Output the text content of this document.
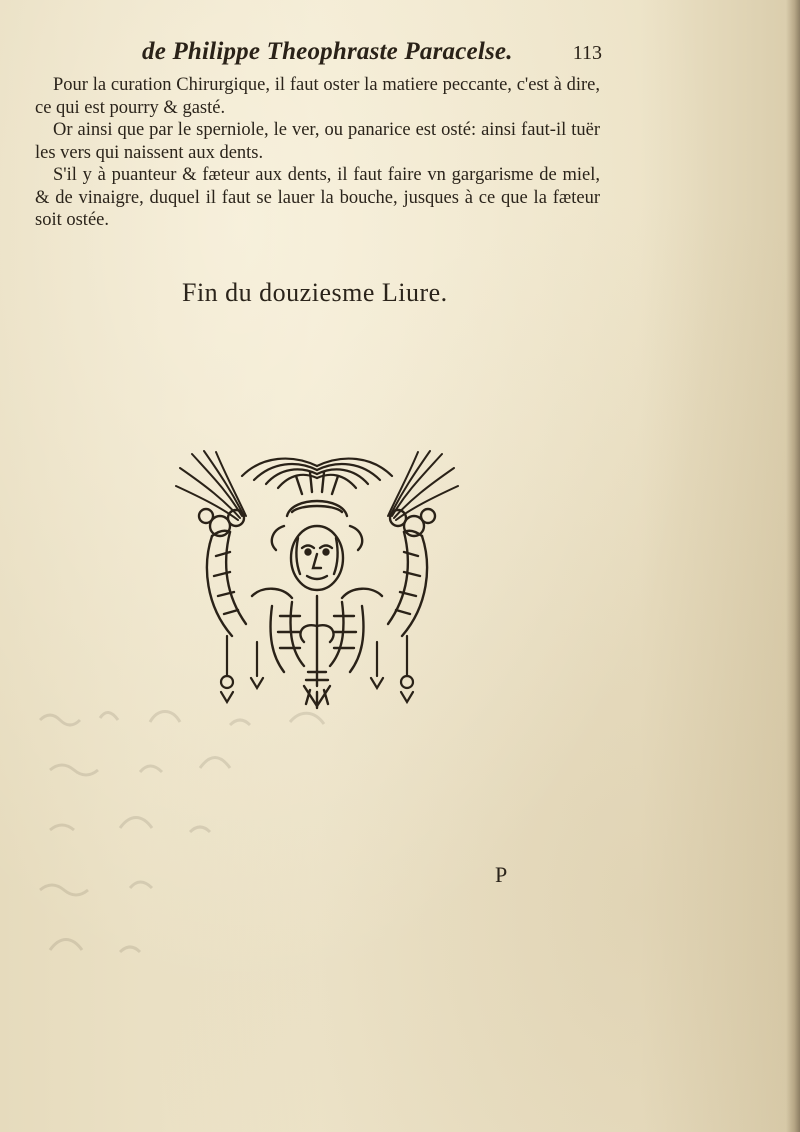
de Philippe Theophraste Paracelse.	113

Pour la curation Chirurgique, il faut oster la matiere peccante, c'est à dire, ce qui est pourry & gasté.

Or ainsi que par le sperniole, le ver, ou panarice est osté: ainsi faut-il tuër les vers qui naissent aux dents.

S'il y à puanteur & fæteur aux dents, il faut faire vn gargarisme de miel, & de vinaigre, duquel il faut se lauer la bouche, jusques à ce que la fæteur soit ostée.

Fin du douziesme Liure.
P
